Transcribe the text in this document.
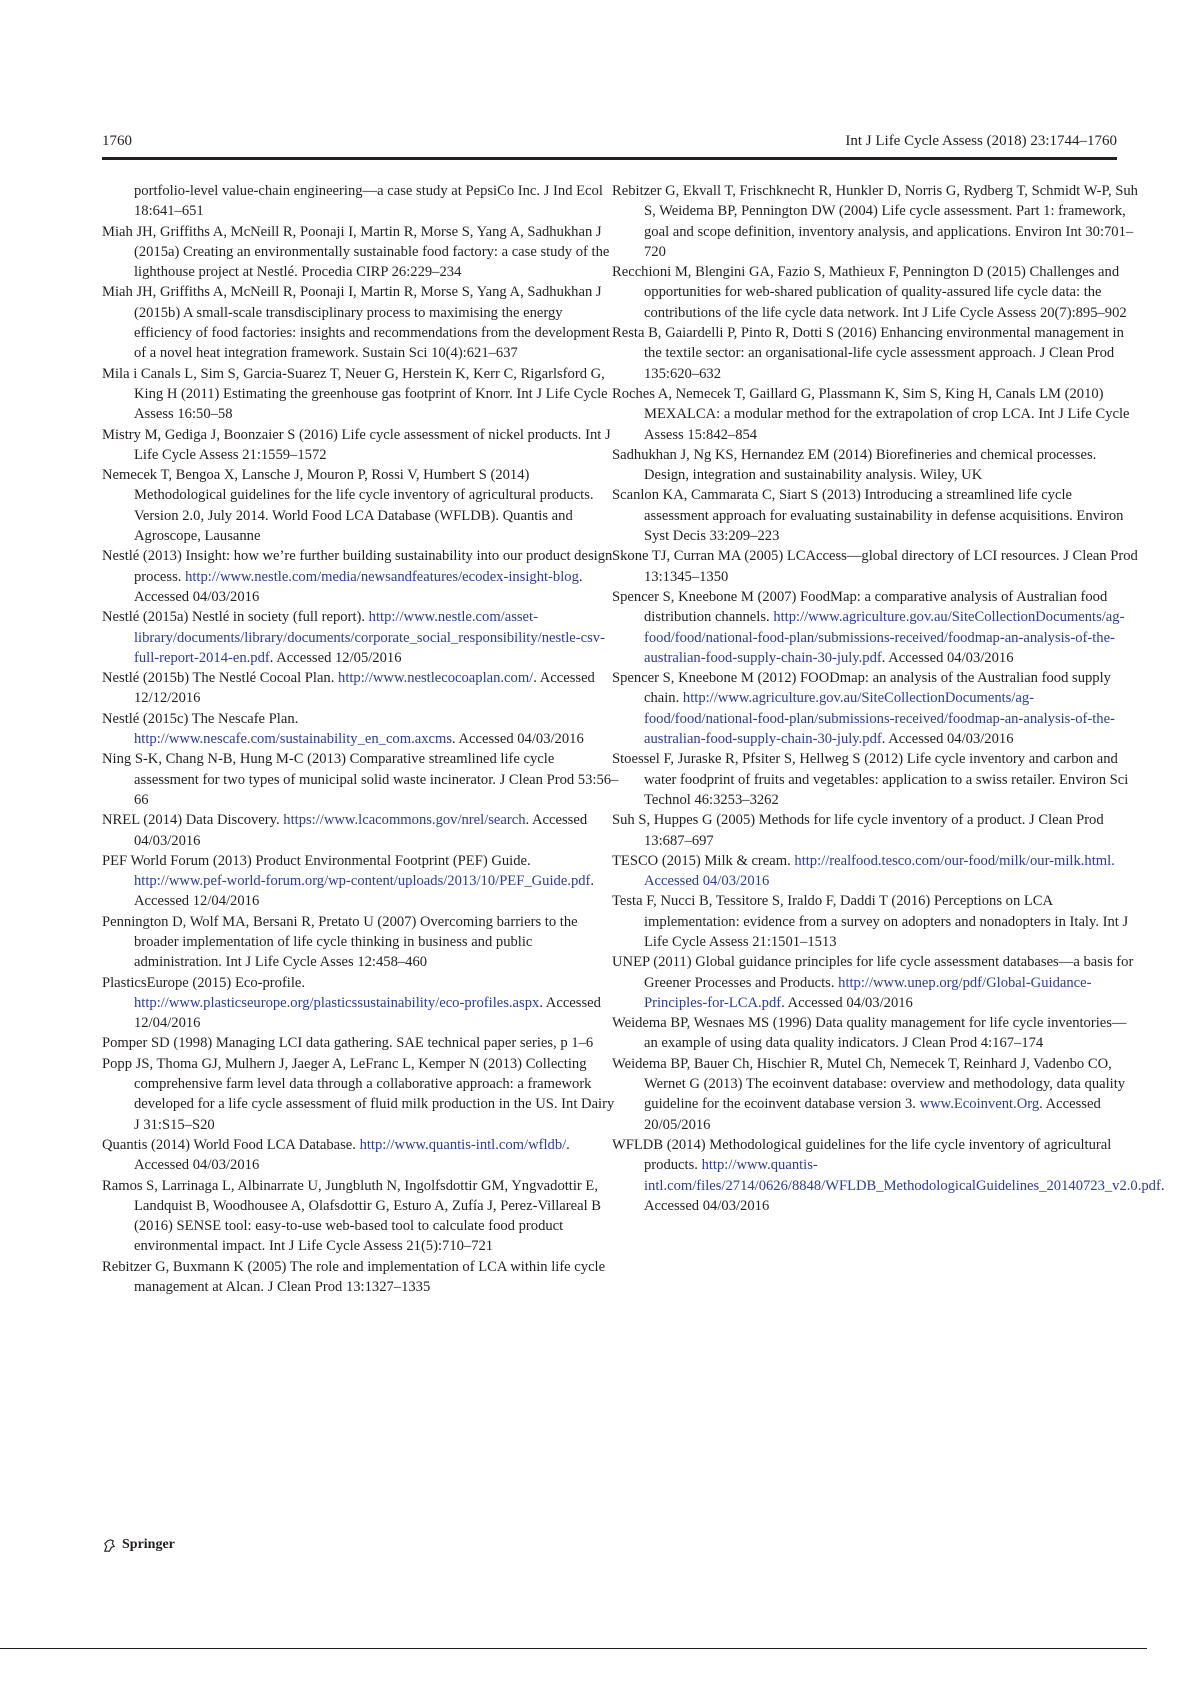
1760	Int J Life Cycle Assess (2018) 23:1744–1760

portfolio-level value-chain engineering—a case study at PepsiCo Inc. J Ind Ecol 18:641–651

Miah JH, Griffiths A, McNeill R, Poonaji I, Martin R, Morse S, Yang A, Sadhukhan J (2015a) Creating an environmentally sustainable food factory: a case study of the lighthouse project at Nestlé. Procedia CIRP 26:229–234

Miah JH, Griffiths A, McNeill R, Poonaji I, Martin R, Morse S, Yang A, Sadhukhan J (2015b) A small-scale transdisciplinary process to maximising the energy efficiency of food factories: insights and recommendations from the development of a novel heat integration framework. Sustain Sci 10(4):621–637

Mila i Canals L, Sim S, Garcia-Suarez T, Neuer G, Herstein K, Kerr C, Rigarlsford G, King H (2011) Estimating the greenhouse gas footprint of Knorr. Int J Life Cycle Assess 16:50–58

Mistry M, Gediga J, Boonzaier S (2016) Life cycle assessment of nickel products. Int J Life Cycle Assess 21:1559–1572

Nemecek T, Bengoa X, Lansche J, Mouron P, Rossi V, Humbert S (2014) Methodological guidelines for the life cycle inventory of agricultural products. Version 2.0, July 2014. World Food LCA Database (WFLDB). Quantis and Agroscope, Lausanne

Nestlé (2013) Insight: how we’re further building sustainability into our product design process. http://www.nestle.com/media/newsandfeatures/ecodex-insight-blog. Accessed 04/03/2016

Nestlé (2015a) Nestlé in society (full report). http://www.nestle.com/asset-library/documents/library/documents/corporate_social_responsibility/nestle-csv-full-report-2014-en.pdf. Accessed 12/05/2016

Nestlé (2015b) The Nestlé Cocoal Plan. http://www.nestlecocoaplan.com/. Accessed 12/12/2016

Nestlé (2015c) The Nescafe Plan. http://www.nescafe.com/sustainability_en_com.axcms. Accessed 04/03/2016

Ning S-K, Chang N-B, Hung M-C (2013) Comparative streamlined life cycle assessment for two types of municipal solid waste incinerator. J Clean Prod 53:56–66

NREL (2014) Data Discovery. https://www.lcacommons.gov/nrel/search. Accessed 04/03/2016

PEF World Forum (2013) Product Environmental Footprint (PEF) Guide. http://www.pef-world-forum.org/wp-content/uploads/2013/10/PEF_Guide.pdf. Accessed 12/04/2016

Pennington D, Wolf MA, Bersani R, Pretato U (2007) Overcoming barriers to the broader implementation of life cycle thinking in business and public administration. Int J Life Cycle Asses 12:458–460

PlasticsEurope (2015) Eco-profile. http://www.plasticseurope.org/plasticssustainability/eco-profiles.aspx. Accessed 12/04/2016

Pomper SD (1998) Managing LCI data gathering. SAE technical paper series, p 1–6

Popp JS, Thoma GJ, Mulhern J, Jaeger A, LeFranc L, Kemper N (2013) Collecting comprehensive farm level data through a collaborative approach: a framework developed for a life cycle assessment of fluid milk production in the US. Int Dairy J 31:S15–S20

Quantis (2014) World Food LCA Database. http://www.quantis-intl.com/wfldb/. Accessed 04/03/2016

Ramos S, Larrinaga L, Albinarrate U, Jungbluth N, Ingolfsdottir GM, Yngvadottir E, Landquist B, Woodhousee A, Olafsdottir G, Esturo A, Zufía J, Perez-Villareal B (2016) SENSE tool: easy-to-use web-based tool to calculate food product environmental impact. Int J Life Cycle Assess 21(5):710–721

Rebitzer G, Buxmann K (2005) The role and implementation of LCA within life cycle management at Alcan. J Clean Prod 13:1327–1335

Rebitzer G, Ekvall T, Frischknecht R, Hunkler D, Norris G, Rydberg T, Schmidt W-P, Suh S, Weidema BP, Pennington DW (2004) Life cycle assessment. Part 1: framework, goal and scope definition, inventory analysis, and applications. Environ Int 30:701–720

Recchioni M, Blengini GA, Fazio S, Mathieux F, Pennington D (2015) Challenges and opportunities for web-shared publication of quality-assured life cycle data: the contributions of the life cycle data network. Int J Life Cycle Assess 20(7):895–902

Resta B, Gaiardelli P, Pinto R, Dotti S (2016) Enhancing environmental management in the textile sector: an organisational-life cycle assessment approach. J Clean Prod 135:620–632

Roches A, Nemecek T, Gaillard G, Plassmann K, Sim S, King H, Canals LM (2010) MEXALCA: a modular method for the extrapolation of crop LCA. Int J Life Cycle Assess 15:842–854

Sadhukhan J, Ng KS, Hernandez EM (2014) Biorefineries and chemical processes. Design, integration and sustainability analysis. Wiley, UK

Scanlon KA, Cammarata C, Siart S (2013) Introducing a streamlined life cycle assessment approach for evaluating sustainability in defense acquisitions. Environ Syst Decis 33:209–223

Skone TJ, Curran MA (2005) LCAccess—global directory of LCI resources. J Clean Prod 13:1345–1350

Spencer S, Kneebone M (2007) FoodMap: a comparative analysis of Australian food distribution channels. http://www.agriculture.gov.au/SiteCollectionDocuments/ag-food/food/national-food-plan/submissions-received/foodmap-an-analysis-of-the-australian-food-supply-chain-30-july.pdf. Accessed 04/03/2016

Spencer S, Kneebone M (2012) FOODmap: an analysis of the Australian food supply chain. http://www.agriculture.gov.au/SiteCollectionDocuments/ag-food/food/national-food-plan/submissions-received/foodmap-an-analysis-of-the-australian-food-supply-chain-30-july.pdf. Accessed 04/03/2016

Stoessel F, Juraske R, Pfsiter S, Hellweg S (2012) Life cycle inventory and carbon and water foodprint of fruits and vegetables: application to a swiss retailer. Environ Sci Technol 46:3253–3262

Suh S, Huppes G (2005) Methods for life cycle inventory of a product. J Clean Prod 13:687–697

TESCO (2015) Milk & cream. http://realfood.tesco.com/our-food/milk/our-milk.html. Accessed 04/03/2016

Testa F, Nucci B, Tessitore S, Iraldo F, Daddi T (2016) Perceptions on LCA implementation: evidence from a survey on adopters and nonadopters in Italy. Int J Life Cycle Assess 21:1501–1513

UNEP (2011) Global guidance principles for life cycle assessment databases—a basis for Greener Processes and Products. http://www.unep.org/pdf/Global-Guidance-Principles-for-LCA.pdf. Accessed 04/03/2016

Weidema BP, Wesnaes MS (1996) Data quality management for life cycle inventories—an example of using data quality indicators. J Clean Prod 4:167–174

Weidema BP, Bauer Ch, Hischier R, Mutel Ch, Nemecek T, Reinhard J, Vadenbo CO, Wernet G (2013) The ecoinvent database: overview and methodology, data quality guideline for the ecoinvent database version 3. www.Ecoinvent.Org. Accessed 20/05/2016

WFLDB (2014) Methodological guidelines for the life cycle inventory of agricultural products. http://www.quantis-intl.com/files/2714/0626/8848/WFLDB_MethodologicalGuidelines_20140723_v2.0.pdf. Accessed 04/03/2016

Springer
